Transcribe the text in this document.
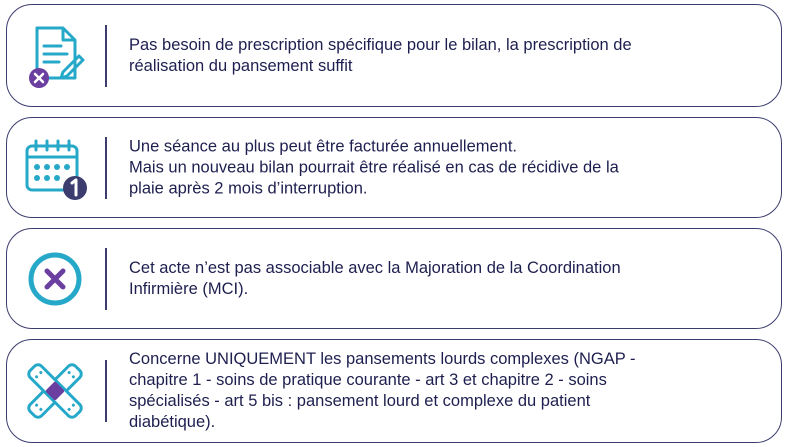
Pas besoin de prescription spécifique pour le bilan, la prescription de
réalisation du pansement suffit
Une séance au plus peut être facturée annuellement.
Mais un nouveau bilan pourrait être réalisé en cas de récidive de la
plaie après 2 mois d’interruption.
Cet acte n’est pas associable avec la Majoration de la Coordination
Infirmière (MCI).
Concerne UNIQUEMENT les pansements lourds complexes (NGAP -
chapitre 1 - soins de pratique courante - art 3 et chapitre 2 - soins
spécialisés - art 5 bis : pansement lourd et complexe du patient
diabétique).
